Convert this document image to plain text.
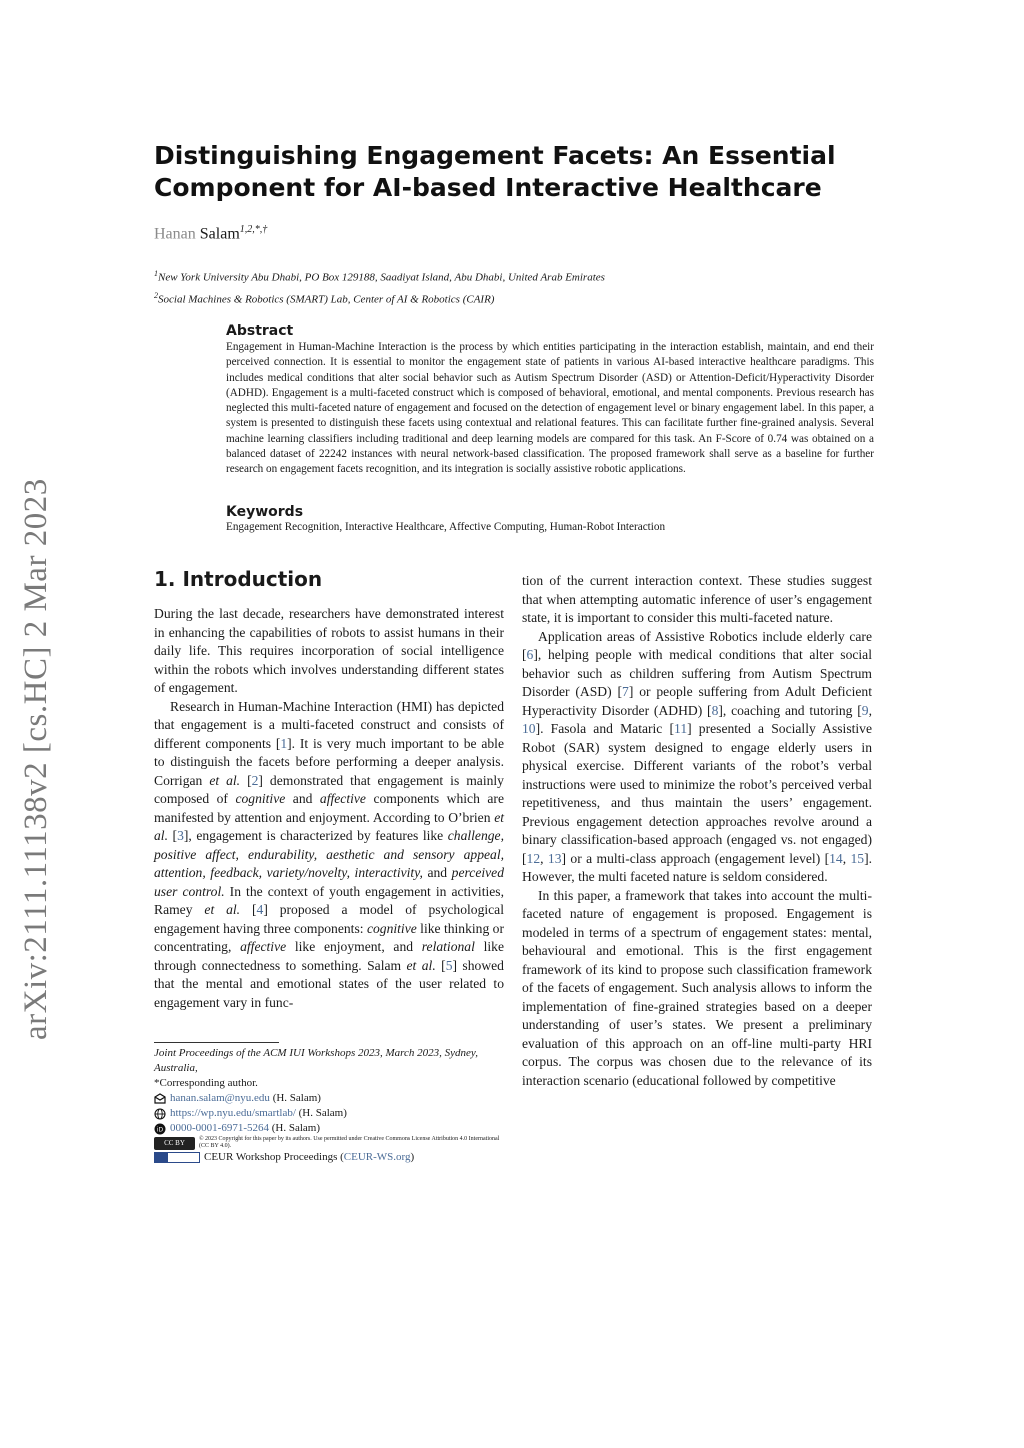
arXiv:2111.11138v2 [cs.HC] 2 Mar 2023
Distinguishing Engagement Facets: An Essential
Component for AI-based Interactive Healthcare
Hanan Salam$^{1,2,*,\dagger}$
$^1$New York University Abu Dhabi, PO Box 129188, Saadiyat Island, Abu Dhabi, United Arab Emirates
$^2$Social Machines & Robotics (SMART) Lab, Center of AI & Robotics (CAIR)
Abstract
Engagement in Human-Machine Interaction is the process by which entities participating in the interaction establish, maintain, and end their perceived connection. It is essential to monitor the engagement state of patients in various AI-based interactive healthcare paradigms. This includes medical conditions that alter social behavior such as Autism Spectrum Disorder (ASD) or Attention-Deficit/Hyperactivity Disorder (ADHD). Engagement is a multi-faceted construct which is composed of behavioral, emotional, and mental components. Previous research has neglected this multi-faceted nature of engagement and focused on the detection of engagement level or binary engagement label. In this paper, a system is presented to distinguish these facets using contextual and relational features. This can facilitate further fine-grained analysis. Several machine learning classifiers including traditional and deep learning models are compared for this task. An F-Score of 0.74 was obtained on a balanced dataset of 22242 instances with neural network-based classification. The proposed framework shall serve as a baseline for further research on engagement facets recognition, and its integration is socially assistive robotic applications.
Keywords
Engagement Recognition, Interactive Healthcare, Affective Computing, Human-Robot Interaction
1. Introduction

During the last decade, researchers have demonstrated interest in enhancing the capabilities of robots to assist humans in their daily life. This requires incorporation of social intelligence within the robots which involves understanding different states of engagement.

Research in Human-Machine Interaction (HMI) has depicted that engagement is a multi-faceted construct and consists of different components [1]. It is very much important to be able to distinguish the facets before performing a deeper analysis. Corrigan et al. [2] demonstrated that engagement is mainly composed of cognitive and affective components which are manifested by attention and enjoyment. According to O’brien et al. [3], engagement is characterized by features like challenge, positive affect, endurability, aesthetic and sensory appeal, attention, feedback, variety/novelty, interactivity, and perceived user control. In the context of youth engagement in activities, Ramey et al. [4] proposed a model of psychological engagement having three components: cognitive like thinking or concentrating, affective like enjoyment, and relational like through connectedness to something. Salam et al. [5] showed that the mental and emotional states of the user related to engagement vary in func-

tion of the current interaction context. These studies suggest that when attempting automatic inference of user’s engagement state, it is important to consider this multi-faceted nature.

Application areas of Assistive Robotics include elderly care [6], helping people with medical conditions that alter social behavior such as children suffering from Autism Spectrum Disorder (ASD) [7] or people suffering from Adult Deficient Hyperactivity Disorder (ADHD) [8], coaching and tutoring [9, 10]. Fasola and Mataric [11] presented a Socially Assistive Robot (SAR) system designed to engage elderly users in physical exercise. Different variants of the robot’s verbal instructions were used to minimize the robot’s perceived verbal repetitiveness, and thus maintain the users’ engagement. Previous engagement detection approaches revolve around a binary classification-based approach (engaged vs. not engaged) [12, 13] or a multi-class approach (engagement level) [14, 15]. However, the multi faceted nature is seldom considered.

In this paper, a framework that takes into account the multi-faceted nature of engagement is proposed. Engagement is modeled in terms of a spectrum of engagement states: mental, behavioural and emotional. This is the first engagement framework of its kind to propose such classification framework of the facets of engagement. Such analysis allows to inform the implementation of fine-grained strategies based on a deeper understanding of user’s states. We present a preliminary evaluation of this approach on an off-line multi-party HRI corpus. The corpus was chosen due to the relevance of its interaction scenario (educational followed by competitive

Joint Proceedings of the ACM IUI Workshops 2023, March 2023, Sydney, Australia,
*Corresponding author.
hanan.salam@nyu.edu (H. Salam)
https://wp.nyu.edu/smartlab/ (H. Salam)
iD 0000-0001-6971-5264 (H. Salam)
CC BY	© 2023 Copyright for this paper by its authors. Use permitted under Creative Commons License Attribution 4.0 International (CC BY 4.0).
CEUR Workshop Proceedings (CEUR-WS.org)
